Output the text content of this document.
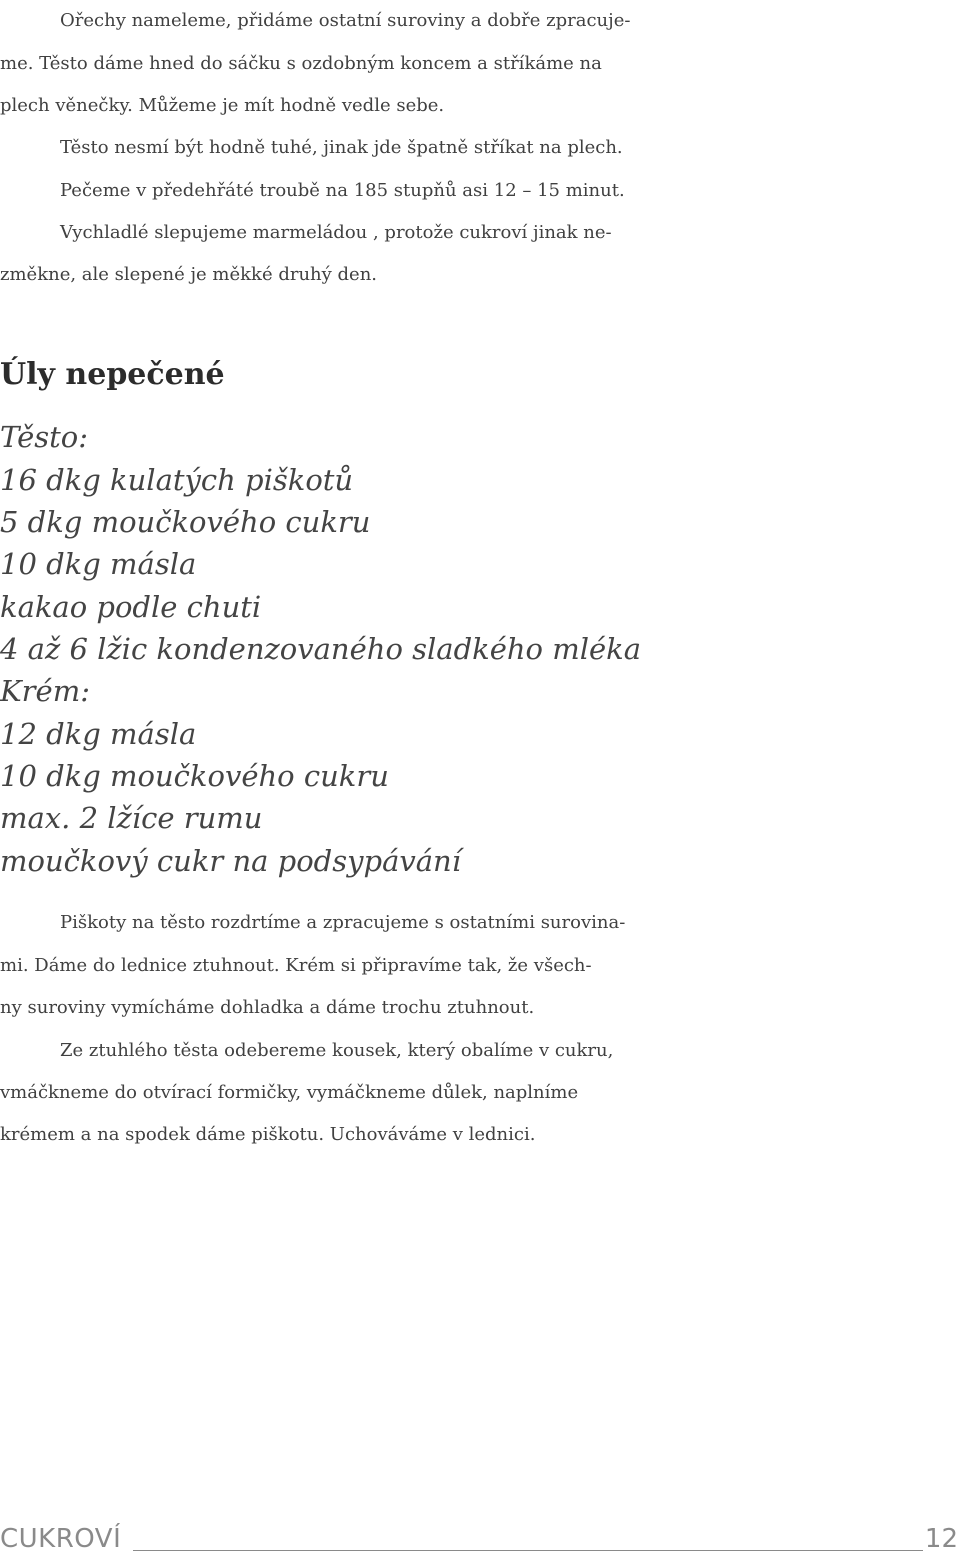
Ořechy nameleme, přidáme ostatní suroviny a dobře zpracuje-

me. Těsto dáme hned do sáčku s ozdobným koncem a stříkáme na

plech věnečky. Můžeme je mít hodně vedle sebe.

Těsto nesmí být hodně tuhé, jinak jde špatně stříkat na plech.

Pečeme v předehřáté troubě na 185 stupňů asi 12 – 15 minut.

Vychladlé slepujeme marmeládou , protože cukroví jinak ne-

změkne, ale slepené je měkké druhý den.

Úly nepečené

Těsto:

16 dkg kulatých piškotů

5 dkg moučkového cukru

10 dkg másla

kakao podle chuti

4 až 6 lžic kondenzovaného sladkého mléka

Krém:

12 dkg másla

10 dkg moučkového cukru

max. 2 lžíce rumu

moučkový cukr na podsypávání

Piškoty na těsto rozdrtíme a zpracujeme s ostatními surovina-

mi. Dáme do lednice ztuhnout. Krém si připravíme tak, že všech-

ny suroviny vymícháme dohladka a dáme trochu ztuhnout.

Ze ztuhlého těsta odebereme kousek, který obalíme v cukru,

vmáčkneme do otvírací formičky, vymáčkneme důlek, naplníme

krémem a na spodek dáme piškotu. Uchováváme v lednici.

CUKROVÍ	12
